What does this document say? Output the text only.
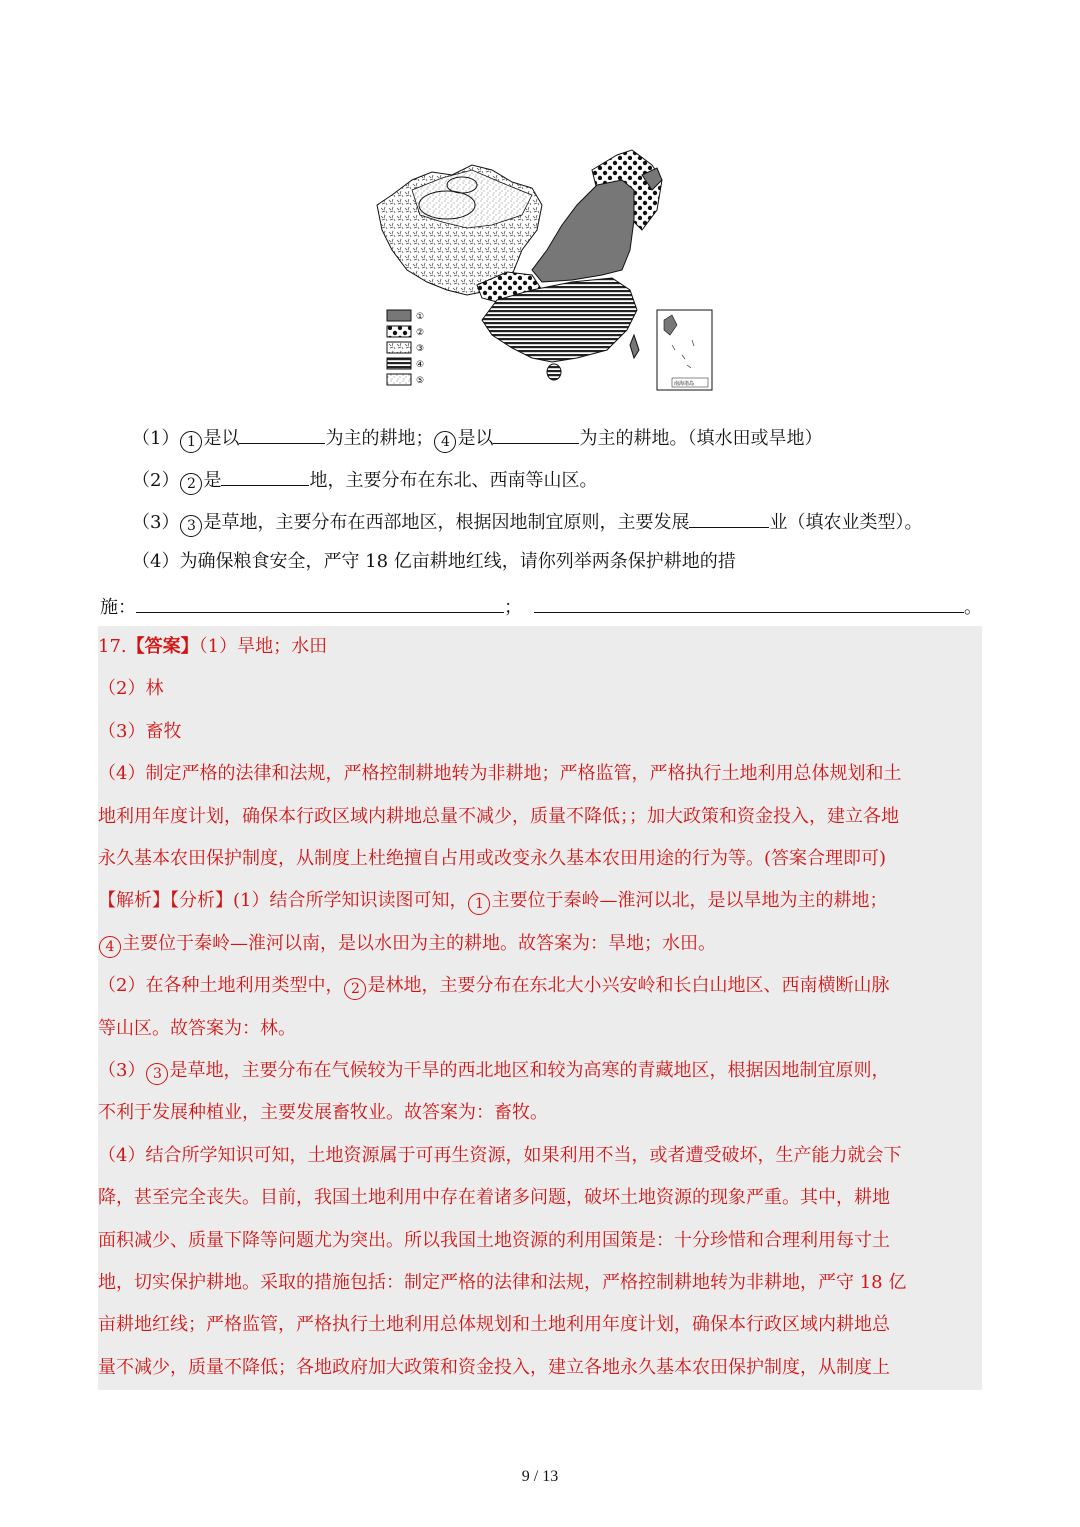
①
②
③
④
⑤	南海诸岛
（1） 1 是以	为主的耕地； 4 是以	为主的耕地。（填水田或旱地）
（2） 2 是	地，主要分布在东北、西南等山区。
（3） 3 是草地，主要分布在西部地区，根据因地制宜原则，主要发展	业（填农业类型）。
（4）为确保粮食安全，严守 18 亿亩耕地红线，请你列举两条保护耕地的措
施：	；	。
17.【答案】（1）旱地；水田
（2）林
（3）畜牧
（4）制定严格的法律和法规，严格控制耕地转为非耕地；严格监管，严格执行土地利用总体规划和土
地利用年度计划，确保本行政区域内耕地总量不减少，质量不降低；；加大政策和资金投入，建立各地
永久基本农田保护制度，从制度上杜绝擅自占用或改变永久基本农田用途的行为等。(答案合理即可)
【解析】【分析】(1）结合所学知识读图可知， 1 主要位于秦岭—淮河以北，是以旱地为主的耕地；
4 主要位于秦岭—淮河以南，是以水田为主的耕地。故答案为：旱地；水田。
（2）在各种土地利用类型中， 2 是林地，主要分布在东北大小兴安岭和长白山地区、西南横断山脉
等山区。故答案为：林。
（3） 3 是草地，主要分布在气候较为干旱的西北地区和较为高寒的青藏地区，根据因地制宜原则，
不利于发展种植业，主要发展畜牧业。故答案为：畜牧。
（4）结合所学知识可知，土地资源属于可再生资源，如果利用不当，或者遭受破坏，生产能力就会下
降，甚至完全丧失。目前，我国土地利用中存在着诸多问题，破坏土地资源的现象严重。其中，耕地
面积减少、质量下降等问题尤为突出。所以我国土地资源的利用国策是：十分珍惜和合理利用每寸土
地，切实保护耕地。采取的措施包括：制定严格的法律和法规，严格控制耕地转为非耕地，严守 18 亿
亩耕地红线；严格监管，严格执行土地利用总体规划和土地利用年度计划，确保本行政区域内耕地总
量不减少，质量不降低；各地政府加大政策和资金投入，建立各地永久基本农田保护制度，从制度上
9 / 13
